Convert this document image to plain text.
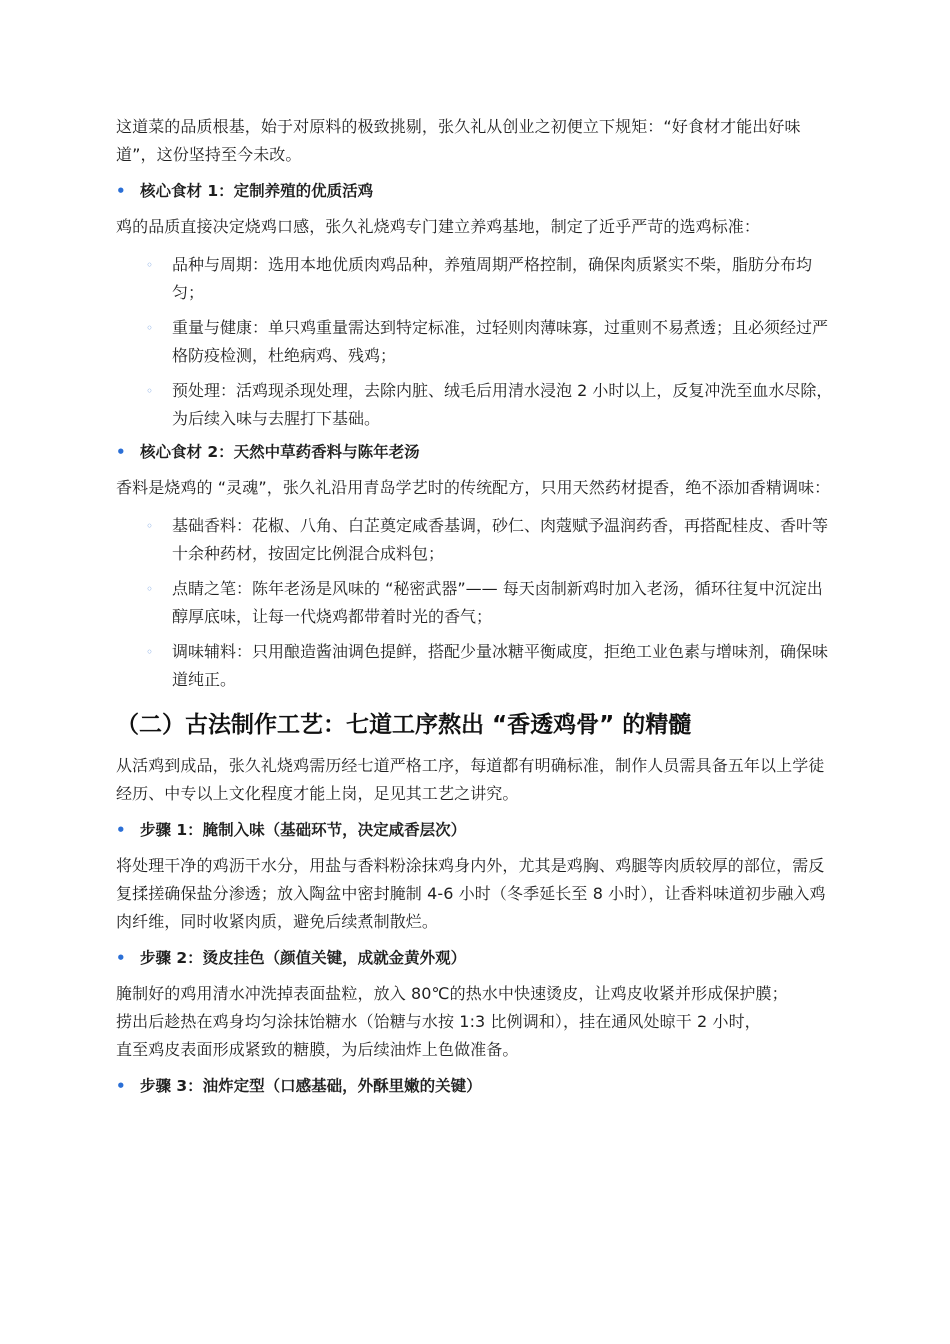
这道菜的品质根基，始于对原料的极致挑剔，张久礼从创业之初便立下规矩：“好食材才能出好味道”，这份坚持至今未改。

• 核心食材 1：定制养殖的优质活鸡

鸡的品质直接决定烧鸡口感，张久礼烧鸡专门建立养鸡基地，制定了近乎严苛的选鸡标准：

◦ 品种与周期：选用本地优质肉鸡品种，养殖周期严格控制，确保肉质紧实不柴，脂肪分布均匀；
◦ 重量与健康：单只鸡重量需达到特定标准，过轻则肉薄味寡，过重则不易煮透；且必须经过严格防疫检测，杜绝病鸡、残鸡；
◦ 预处理：活鸡现杀现处理，去除内脏、绒毛后用清水浸泡 2 小时以上，反复冲洗至血水尽除，为后续入味与去腥打下基础。
• 核心食材 2：天然中草药香料与陈年老汤

香料是烧鸡的 “灵魂”，张久礼沿用青岛学艺时的传统配方，只用天然药材提香，绝不添加香精调味：

◦ 基础香料：花椒、八角、白芷奠定咸香基调，砂仁、肉蔻赋予温润药香，再搭配桂皮、香叶等十余种药材，按固定比例混合成料包；
◦ 点睛之笔：陈年老汤是风味的 “秘密武器”—— 每天卤制新鸡时加入老汤，循环往复中沉淀出醇厚底味，让每一代烧鸡都带着时光的香气；
◦ 调味辅料：只用酿造酱油调色提鲜，搭配少量冰糖平衡咸度，拒绝工业色素与增味剂，确保味道纯正。
（二）古法制作工艺：七道工序熬出 “香透鸡骨” 的精髓

从活鸡到成品，张久礼烧鸡需历经七道严格工序，每道都有明确标准，制作人员需具备五年以上学徒经历、中专以上文化程度才能上岗，足见其工艺之讲究。

• 步骤 1：腌制入味（基础环节，决定咸香层次）

将处理干净的鸡沥干水分，用盐与香料粉涂抹鸡身内外，尤其是鸡胸、鸡腿等肉质较厚的部位，需反复揉搓确保盐分渗透；放入陶盆中密封腌制 4-6 小时（冬季延长至 8 小时），让香料味道初步融入鸡肉纤维，同时收紧肉质，避免后续煮制散烂。

• 步骤 2：烫皮挂色（颜值关键，成就金黄外观）

腌制好的鸡用清水冲洗掉表面盐粒，放入 80℃的热水中快速烫皮，让鸡皮收紧并形成保护膜；
捞出后趁热在鸡身均匀涂抹饴糖水（饴糖与水按 1:3 比例调和），挂在通风处晾干 2 小时，
直至鸡皮表面形成紧致的糖膜，为后续油炸上色做准备。

• 步骤 3：油炸定型（口感基础，外酥里嫩的关键）
